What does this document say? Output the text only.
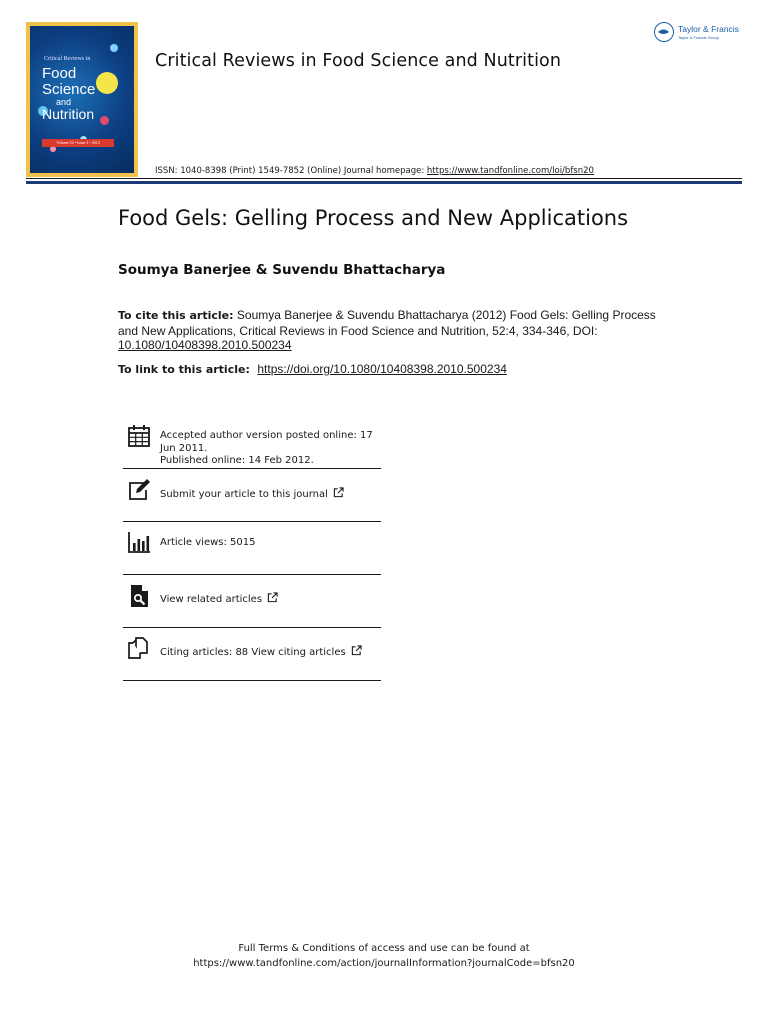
Critical Reviews in
Food
Science
and
Nutrition
Volume 52 • Issue 4 • 2012
Critical Reviews in Food Science and Nutrition
Taylor & Francis
Taylor & Francis Group
ISSN: 1040-8398 (Print) 1549-7852 (Online) Journal homepage: https://www.tandfonline.com/loi/bfsn20
Food Gels: Gelling Process and New Applications
Soumya Banerjee & Suvendu Bhattacharya
To cite this article: Soumya Banerjee & Suvendu Bhattacharya (2012) Food Gels: Gelling Process and New Applications, Critical Reviews in Food Science and Nutrition, 52:4, 334-346, DOI: 10.1080/10408398.2010.500234
To link to this article: https://doi.org/10.1080/10408398.2010.500234
Accepted author version posted online: 17 Jun 2011.
Published online: 14 Feb 2012.
Submit your article to this journal
Article views: 5015
View related articles
Citing articles: 88 View citing articles
Full Terms & Conditions of access and use can be found at
https://www.tandfonline.com/action/journalInformation?journalCode=bfsn20
